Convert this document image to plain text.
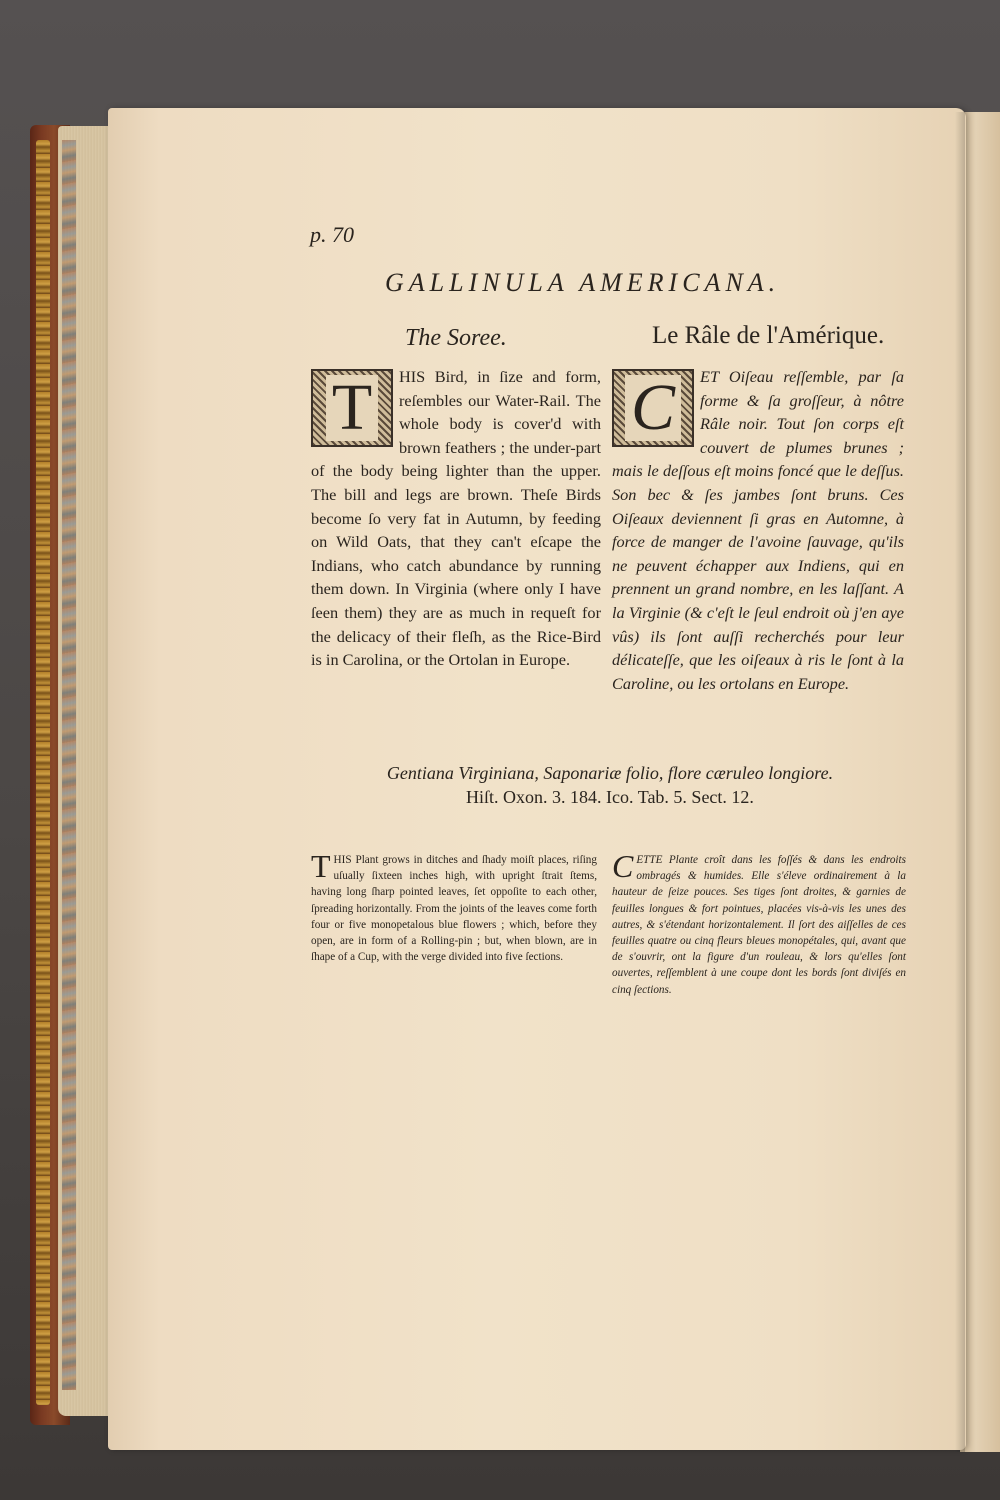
p. 70
GALLINULA AMERICANA.
The Soree.	Le Râle de l'Amérique.
T	HIS Bird, in ſize and form, reſembles our Water-Rail. The whole body is cover'd with brown feathers ; the under-part of the body being lighter than the upper. The bill and legs are brown. Theſe Birds become ſo very fat in Autumn, by feeding on Wild Oats, that they can't eſcape the Indians, who catch abundance by running them down. In Virginia (where only I have ſeen them) they are as much in requeſt for the delicacy of their fleſh, as the Rice-Bird is in Carolina, or the Ortolan in Europe.
C	ET Oiſeau reſſemble, par ſa forme & ſa groſſeur, à nôtre Râle noir. Tout ſon corps eſt couvert de plumes brunes ; mais le deſſous eſt moins foncé que le deſſus. Son bec & ſes jambes ſont bruns. Ces Oiſeaux deviennent ſi gras en Automne, à force de manger de l'avoine ſauvage, qu'ils ne peuvent échapper aux Indiens, qui en prennent un grand nombre, en les laſſant. A la Virginie (& c'eſt le ſeul endroit où j'en aye vûs) ils ſont auſſi recherchés pour leur délicateſſe, que les oiſeaux à ris le ſont à la Caroline, ou les ortolans en Europe.
Gentiana Virginiana, Saponariæ folio, flore cæruleo longiore.
Hiſt. Oxon. 3. 184. Ico. Tab. 5. Sect. 12.
T HIS Plant grows in ditches and ſhady moiſt places, riſing uſually ſixteen inches high, with upright ſtrait ſtems, having long ſharp pointed leaves, ſet oppoſite to each other, ſpreading horizontally. From the joints of the leaves come forth four or five monopetalous blue flowers ; which, before they open, are in form of a Rolling-pin ; but, when blown, are in ſhape of a Cup, with the verge divided into five ſections.
C ETTE Plante croît dans les foſſés & dans les endroits ombragés & humides. Elle s'éleve ordinairement à la hauteur de ſeize pouces. Ses tiges ſont droites, & garnies de feuilles longues & fort pointues, placées vis-à-vis les unes des autres, & s'étendant horizontalement. Il ſort des aiſſelles de ces feuilles quatre ou cinq fleurs bleues monopétales, qui, avant que de s'ouvrir, ont la figure d'un rouleau, & lors qu'elles ſont ouvertes, reſſemblent à une coupe dont les bords ſont diviſés en cinq ſections.
